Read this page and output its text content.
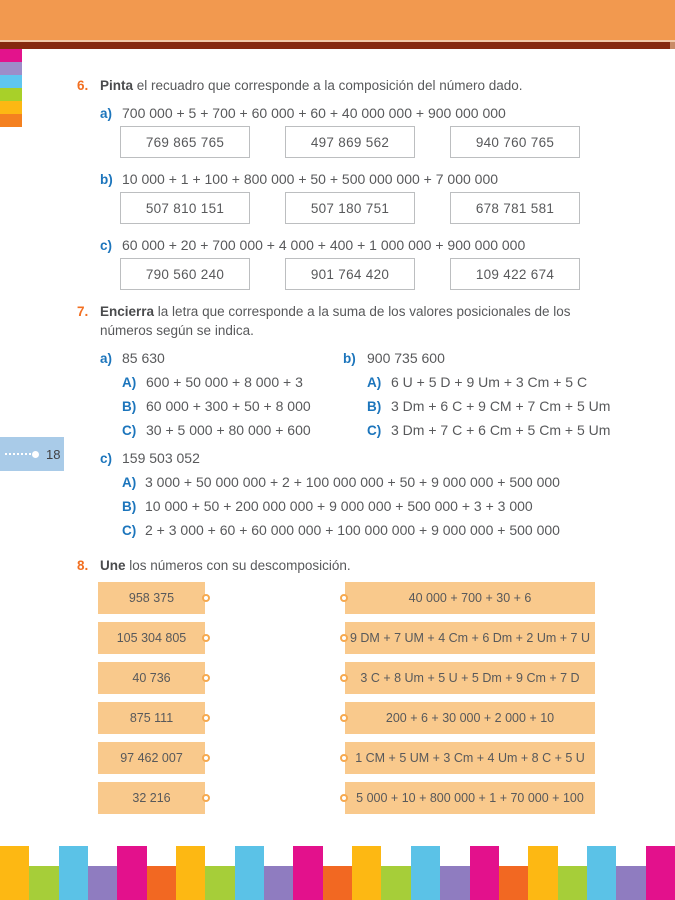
18
6. Pinta el recuadro que corresponde a la composición del número dado.
a) 700 000 + 5 + 700 + 60 000 + 60 + 40 000 000 + 900 000 000
769 865 765	497 869 562	940 760 765
b) 10 000 + 1 + 100 + 800 000 + 50 + 500 000 000 + 7 000 000
507 810 151	507 180 751	678 781 581
c) 60 000 + 20 + 700 000 + 4 000 + 400 + 1 000 000 + 900 000 000
790 560 240	901 764 420	109 422 674
7. Encierra la letra que corresponde a la suma de los valores posicionales de los números según se indica.
a) 85 630
A) 600 + 50 000 + 8 000 + 3
B) 60 000 + 300 + 50 + 8 000
C) 30 + 5 000 + 80 000 + 600
b) 900 735 600
A) 6 U + 5 D + 9 Um + 3 Cm + 5 C
B) 3 Dm + 6 C + 9 CM + 7 Cm + 5 Um
C) 3 Dm + 7 C + 6 Cm + 5 Cm + 5 Um
c) 159 503 052
A) 3 000 + 50 000 000 + 2 + 100 000 000 + 50 + 9 000 000 + 500 000
B) 10 000 + 50 + 200 000 000 + 9 000 000 + 500 000 + 3 + 3 000
C) 2 + 3 000 + 60 + 60 000 000 + 100 000 000 + 9 000 000 + 500 000
8. Une los números con su descomposición.
958 375	40 000 + 700 + 30 + 6
105 304 805	9 DM + 7 UM + 4 Cm + 6 Dm + 2 Um + 7 U
40 736	3 C + 8 Um + 5 U + 5 Dm + 9 Cm + 7 D
875 111	200 + 6 + 30 000 + 2 000 + 10
97 462 007	1 CM + 5 UM + 3 Cm + 4 Um + 8 C + 5 U
32 216	5 000 + 10 + 800 000 + 1 + 70 000 + 100
